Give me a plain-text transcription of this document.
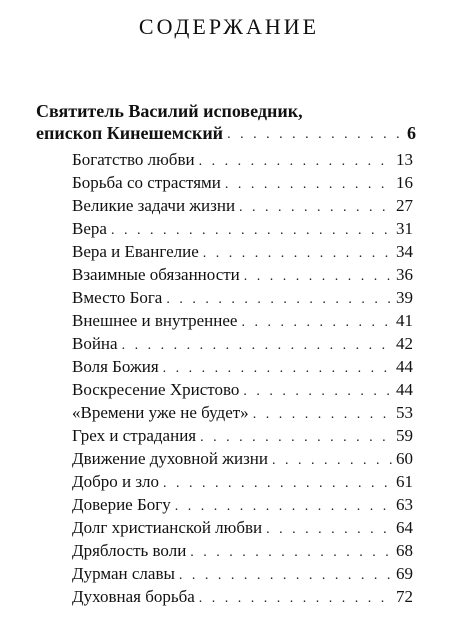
СОДЕРЖАНИЕ
Святитель Василий исповедник,
епископ Кинешемский . . .	6
Богатство любви . . .	13
Борьба со страстями . . .	16
Великие задачи жизни . . .	27
Вера . . .	31
Вера и Евангелие . . .	34
Взаимные обязанности . . .	36
Вместо Бога . . .	39
Внешнее и внутреннее . . .	41
Война . . .	42
Воля Божия . . .	44
Воскресение Христово . . .	44
«Времени уже не будет» . . .	53
Грех и страдания . . .	59
Движение духовной жизни . . .	60
Добро и зло . . .	61
Доверие Богу . . .	63
Долг христианской любви . . .	64
Дряблость воли . . .	68
Дурман славы . . .	69
Духовная борьба . . .	72
